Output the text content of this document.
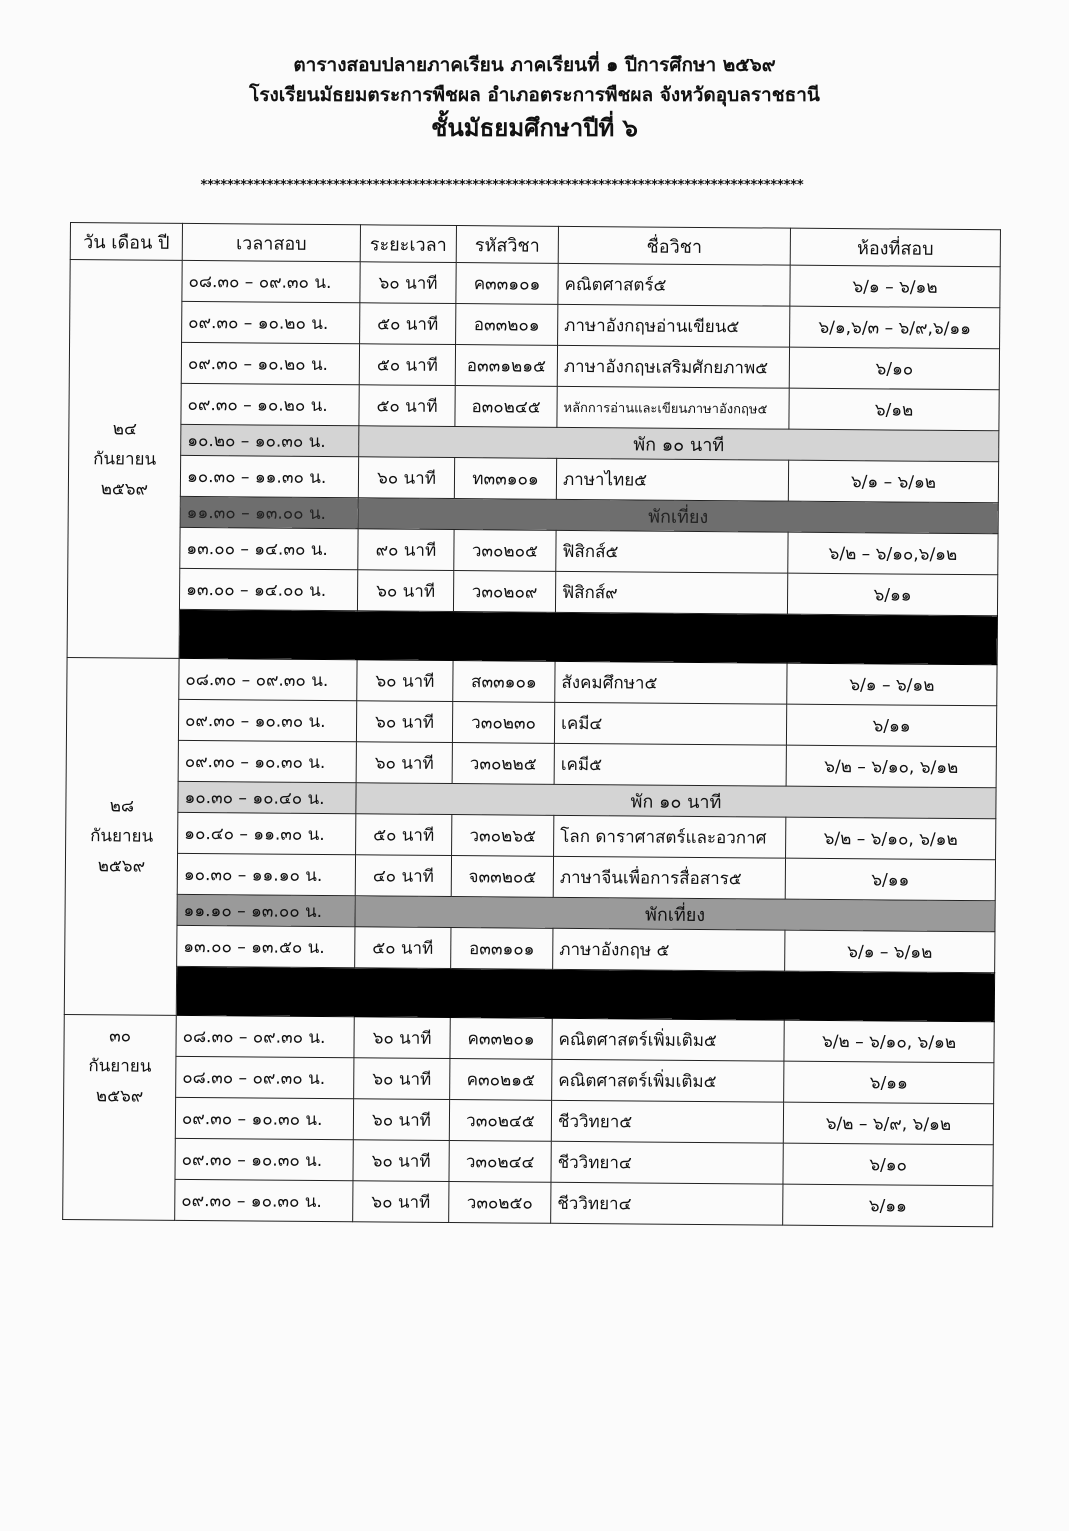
ตารางสอบปลายภาคเรียน ภาคเรียนที่ ๑ ปีการศึกษา ๒๕๖๙
โรงเรียนมัธยมตระการพืชผล อำเภอตระการพืชผล จังหวัดอุบลราชธานี
ชั้นมัธยมศึกษาปีที่ ๖
*******************************************************************************************
วัน เดือน ปี	เวลาสอบ	ระยะเวลา	รหัสวิชา	ชื่อวิชา	ห้องที่สอบ

๒๔
กันยายน
๒๕๖๙	๐๘.๓๐ – ๐๙.๓๐ น.	๖๐ นาที	ค๓๓๑๐๑	คณิตศาสตร์๕	๖/๑ – ๖/๑๒
	๐๙.๓๐ – ๑๐.๒๐ น.	๕๐ นาที	อ๓๓๒๐๑	ภาษาอังกฤษอ่านเขียน๕	๖/๑,๖/๓ – ๖/๙,๖/๑๑
	๐๙.๓๐ – ๑๐.๒๐ น.	๕๐ นาที	อ๓๓๑๒๑๕	ภาษาอังกฤษเสริมศักยภาพ๕	๖/๑๐
	๐๙.๓๐ – ๑๐.๒๐ น.	๕๐ นาที	อ๓๐๒๔๕	หลักการอ่านและเขียนภาษาอังกฤษ๕	๖/๑๒
	๑๐.๒๐ – ๑๐.๓๐ น.	พัก ๑๐ นาที			
	๑๐.๓๐ – ๑๑.๓๐ น.	๖๐ นาที	ท๓๓๑๐๑	ภาษาไทย๕	๖/๑ – ๖/๑๒
	๑๑.๓๐ – ๑๓.๐๐ น.	พักเที่ยง			
	๑๓.๐๐ – ๑๔.๓๐ น.	๙๐ นาที	ว๓๐๒๐๕	ฟิสิกส์๕	๖/๒ – ๖/๑๐,๖/๑๒
	๑๓.๐๐ – ๑๔.๐๐ น.	๖๐ นาที	ว๓๐๒๐๙	ฟิสิกส์๙	๖/๑๑

๒๘
กันยายน
๒๕๖๙	๐๘.๓๐ – ๐๙.๓๐ น.	๖๐ นาที	ส๓๓๑๐๑	สังคมศึกษา๕	๖/๑ – ๖/๑๒
	๐๙.๓๐ – ๑๐.๓๐ น.	๖๐ นาที	ว๓๐๒๓๐	เคมี๔	๖/๑๑
	๐๙.๓๐ – ๑๐.๓๐ น.	๖๐ นาที	ว๓๐๒๒๕	เคมี๕	๖/๒ – ๖/๑๐, ๖/๑๒
	๑๐.๓๐ – ๑๐.๔๐ น.	พัก ๑๐ นาที			
	๑๐.๔๐ – ๑๑.๓๐ น.	๕๐ นาที	ว๓๐๒๖๕	โลก ดาราศาสตร์และอวกาศ	๖/๒ – ๖/๑๐, ๖/๑๒
	๑๐.๓๐ – ๑๑.๑๐ น.	๔๐ นาที	จ๓๓๒๐๕	ภาษาจีนเพื่อการสื่อสาร๕	๖/๑๑
	๑๑.๑๐ – ๑๓.๐๐ น.	พักเที่ยง			
	๑๓.๐๐ – ๑๓.๕๐ น.	๕๐ นาที	อ๓๓๑๐๑	ภาษาอังกฤษ ๕	๖/๑ – ๖/๑๒

๓๐
กันยายน
๒๕๖๙	๐๘.๓๐ – ๐๙.๓๐ น.	๖๐ นาที	ค๓๓๒๐๑	คณิตศาสตร์เพิ่มเติม๕	๖/๒ – ๖/๑๐, ๖/๑๒
	๐๘.๓๐ – ๐๙.๓๐ น.	๖๐ นาที	ค๓๐๒๑๕	คณิตศาสตร์เพิ่มเติม๕	๖/๑๑
	๐๙.๓๐ – ๑๐.๓๐ น.	๖๐ นาที	ว๓๐๒๔๕	ชีววิทยา๕	๖/๒ – ๖/๙, ๖/๑๒
	๐๙.๓๐ – ๑๐.๓๐ น.	๖๐ นาที	ว๓๐๒๔๔	ชีววิทยา๔	๖/๑๐
	๐๙.๓๐ – ๑๐.๓๐ น.	๖๐ นาที	ว๓๐๒๕๐	ชีววิทยา๔	๖/๑๑
